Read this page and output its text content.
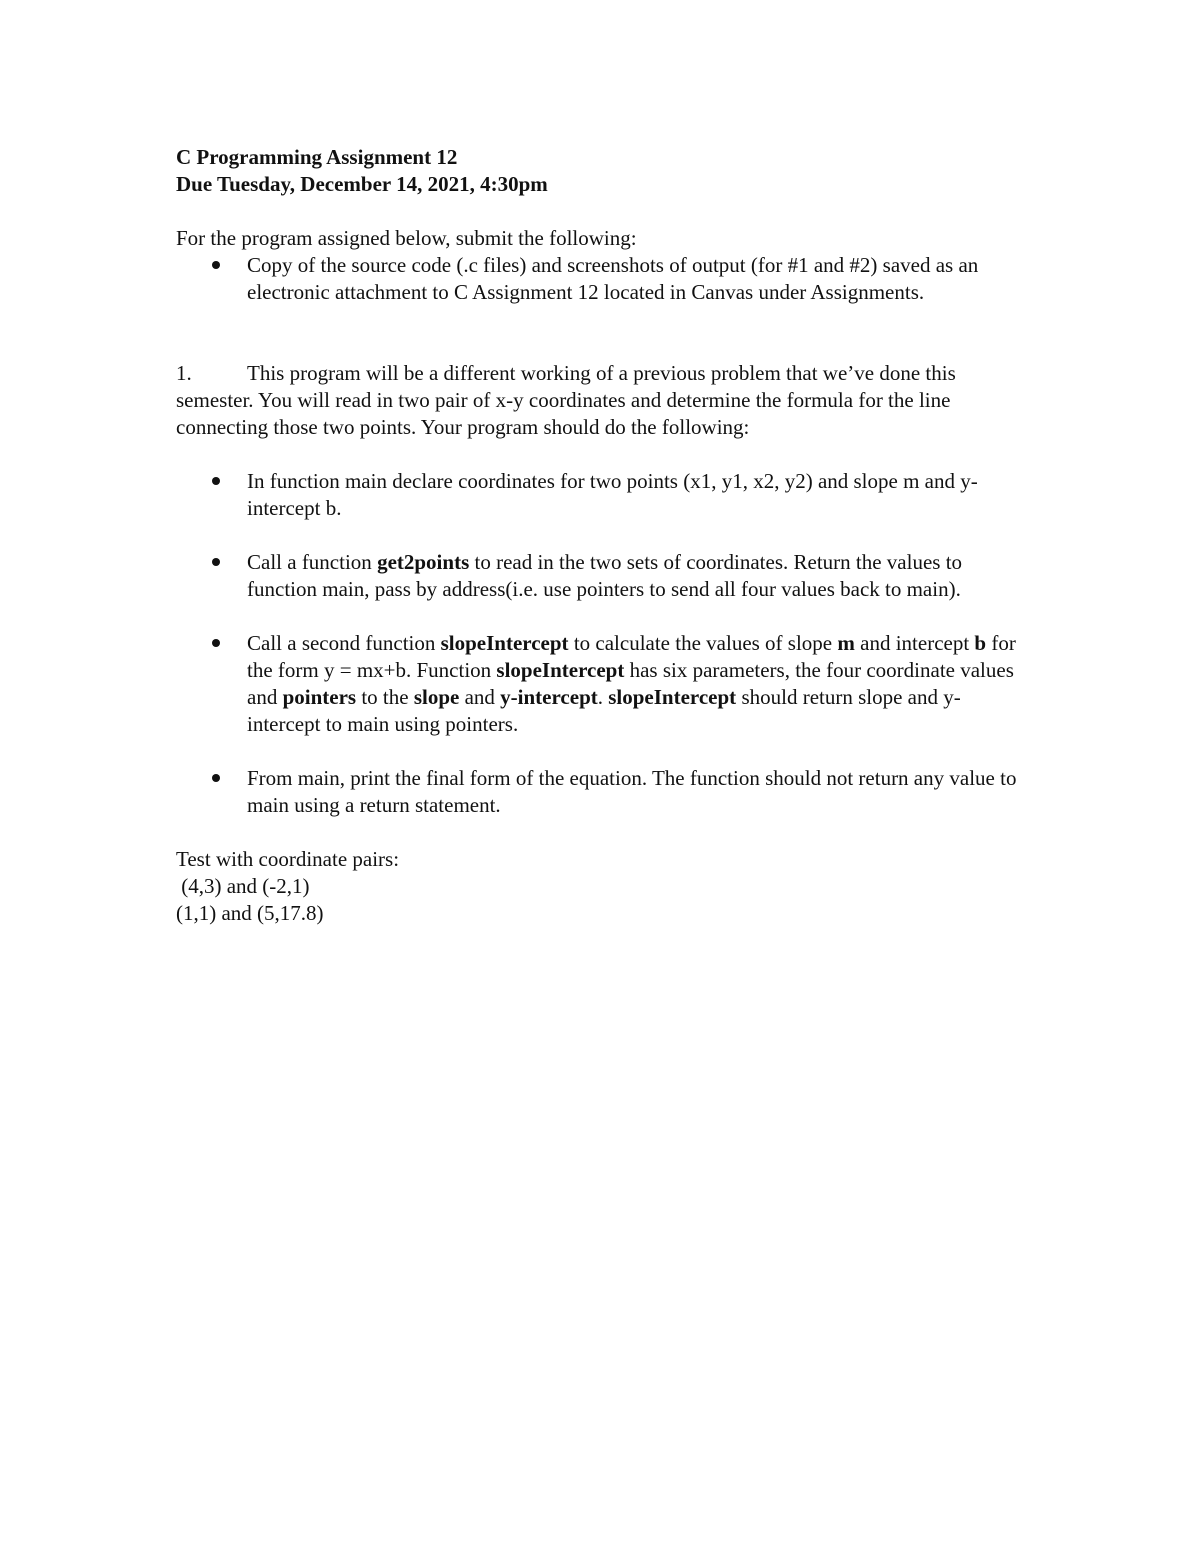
C Programming Assignment 12

Due Tuesday, December 14, 2021, 4:30pm

For the program assigned below, submit the following:

Copy of the source code (.c files) and screenshots of output (for #1 and #2) saved as an electronic attachment to C Assignment 12 located in Canvas under Assignments.

1.	This program will be a different working of a previous problem that we’ve done this semester. You will read in two pair of x-y coordinates and determine the formula for the line connecting those two points. Your program should do the following:

In function main declare coordinates for two points (x1, y1, x2, y2) and slope m and y-intercept b.
Call a function get2points to read in the two sets of coordinates. Return the values to function main, pass by address(i.e. use pointers to send all four values back to main).
Call a second function slopeIntercept to calculate the values of slope m and intercept b for the form y = mx+b. Function slopeIntercept has six parameters, the four coordinate values and pointers to the slope and y-intercept. slopeIntercept should return slope and y-intercept to main using pointers.
From main, print the final form of the equation. The function should not return any value to main using a return statement.

Test with coordinate pairs:

(4,3) and (-2,1)

(1,1) and (5,17.8)
